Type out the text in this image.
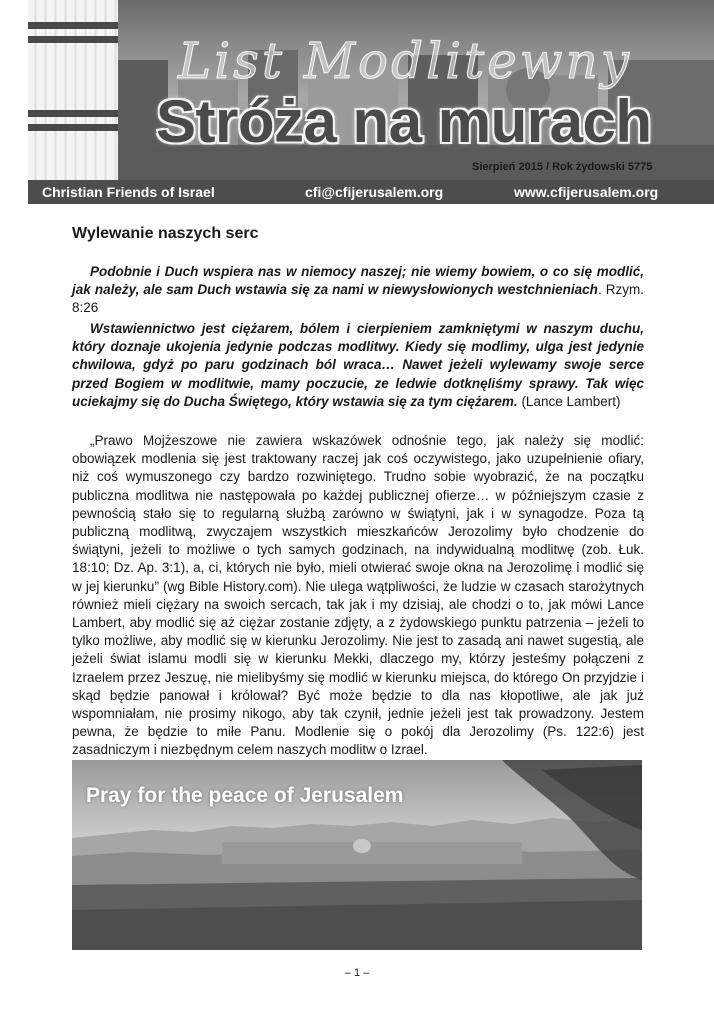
List Modlitewny
Stróża na murach
Sierpień 2015 / Rok żydowski 5775
Christian Friends of Israel	cfi@cfijerusalem.org	www.cfijerusalem.org
Wylewanie naszych serc
Podobnie i Duch wspiera nas w niemocy naszej; nie wiemy bowiem, o co się modlić, jak należy, ale sam Duch wstawia się za nami w niewysłowionych westchnieniach. Rzym. 8:26
Wstawiennictwo jest ciężarem, bólem i cierpieniem zamkniętymi w naszym duchu, który doznaje ukojenia jedynie podczas modlitwy. Kiedy się modlimy, ulga jest jedynie chwilowa, gdyż po paru godzinach ból wraca… Nawet jeżeli wylewamy swoje serce przed Bogiem w modlitwie, mamy poczucie, ze ledwie dotknęliśmy sprawy. Tak więc uciekajmy się do Ducha Świętego, który wstawia się za tym ciężarem. (Lance Lambert)
„Prawo Mojżeszowe nie zawiera wskazówek odnośnie tego, jak należy się modlić: obowiązek modlenia się jest traktowany raczej jak coś oczywistego, jako uzupełnienie ofiary, niż coś wymuszonego czy bardzo rozwiniętego. Trudno sobie wyobrazić, że na początku publiczna modlitwa nie następowała po każdej publicznej ofierze… w późniejszym czasie z pewnością stało się to regularną służbą zarówno w świątyni, jak i w synagodze. Poza tą publiczną modlitwą, zwyczajem wszystkich mieszkańców Jerozolimy było chodzenie do świątyni, jeżeli to możliwe o tych samych godzinach, na indywidualną modlitwę (zob. Łuk. 18:10; Dz. Ap. 3:1), a, ci, których nie było, mieli otwierać swoje okna na Jerozolimę i modlić się w jej kierunku” (wg Bible History.com). Nie ulega wątpliwości, że ludzie w czasach starożytnych również mieli ciężary na swoich sercach, tak jak i my dzisiaj, ale chodzi o to, jak mówi Lance Lambert, aby modlić się aż ciężar zostanie zdjęty, a z żydowskiego punktu patrzenia – jeżeli to tylko możliwe, aby modlić się w kierunku Jerozolimy. Nie jest to zasadą ani nawet sugestią, ale jeżeli świat islamu modli się w kierunku Mekki, dlaczego my, którzy jesteśmy połączeni z Izraelem przez Jeszuę, nie mielibyśmy się modlić w kierunku miejsca, do którego On przyjdzie i skąd będzie panował i królował? Być może będzie to dla nas kłopotliwe, ale jak już wspomniałam, nie prosimy nikogo, aby tak czynił, jednie jeżeli jest tak prowadzony. Jestem pewna, że będzie to miłe Panu. Modlenie się o pokój dla Jerozolimy (Ps. 122:6) jest zasadniczym i niezbędnym celem naszych modlitw o Izrael.
Pray for the peace of Jerusalem
– 1 –
